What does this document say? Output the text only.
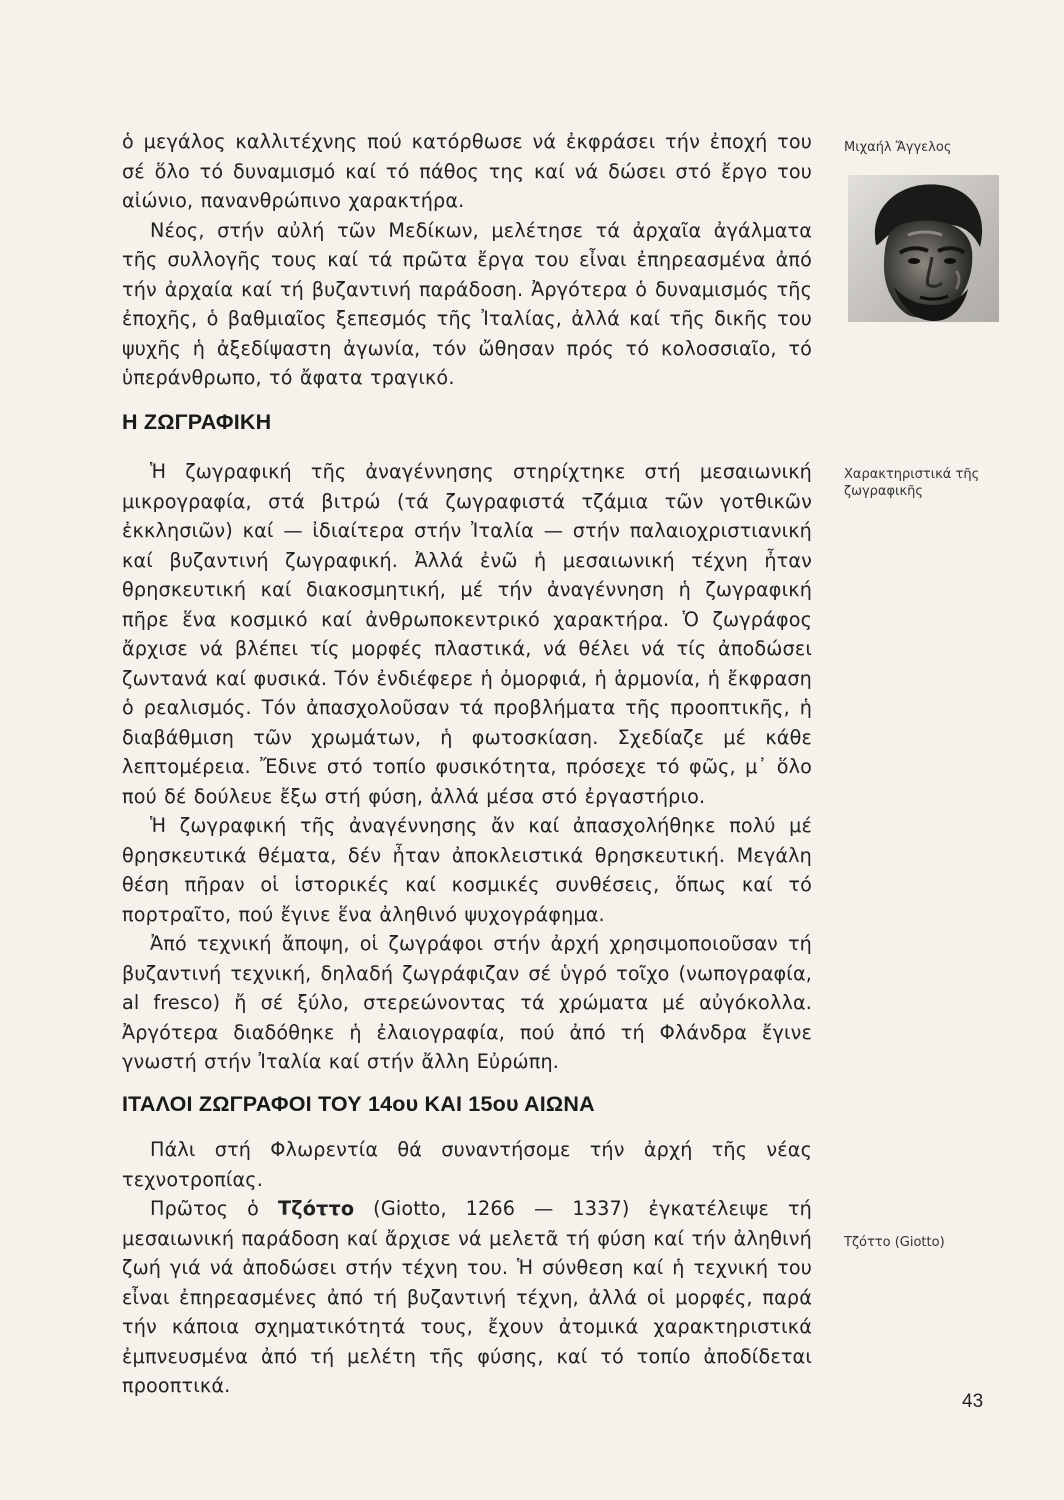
ὁ μεγάλος καλλιτέχνης πού κατόρθωσε νά ἐκφράσει τήν ἐποχή του σέ ὅλο τό δυναμισμό καί τό πάθος της καί νά δώσει στό ἔργο του αἰώνιο, πανανθρώπινο χαρακτήρα.

Νέος, στήν αὐλή τῶν Μεδίκων, μελέτησε τά ἀρχαῖα ἀγάλματα τῆς συλλογῆς τους καί τά πρῶτα ἔργα του εἶναι ἐπηρεασμένα ἀπό τήν ἀρχαία καί τή βυζαντινή παράδοση. Ἀργότερα ὁ δυναμισμός τῆς ἐποχῆς, ὁ βαθμιαῖος ξεπεσμός τῆς Ἰταλίας, ἀλλά καί τῆς δικῆς του ψυχῆς ἡ ἀξεδίψαστη ἀγωνία, τόν ὤθησαν πρός τό κολοσσιαῖο, τό ὑπεράνθρωπο, τό ἄφατα τραγικό.

Μιχαήλ Ἄγγελος

Η ΖΩΓΡΑΦΙΚΗ

Χαρακτηριστικά τῆς ζωγραφικῆς

Ἡ ζωγραφική τῆς ἀναγέννησης στηρίχτηκε στή μεσαιωνική μικρογραφία, στά βιτρώ (τά ζωγραφιστά τζάμια τῶν γοτθικῶν ἐκκλησιῶν) καί — ἰδιαίτερα στήν Ἰταλία — στήν παλαιοχριστιανική καί βυζαντινή ζωγραφική. Ἀλλά ἐνῶ ἡ μεσαιωνική τέχνη ἦταν θρησκευτική καί διακοσμητική, μέ τήν ἀναγέννηση ἡ ζωγραφική πῆρε ἕνα κοσμικό καί ἀνθρωποκεντρικό χαρακτήρα. Ὁ ζωγράφος ἄρχισε νά βλέπει τίς μορφές πλαστικά, νά θέλει νά τίς ἀποδώσει ζωντανά καί φυσικά. Τόν ἐνδιέφερε ἡ ὀμορφιά, ἡ ἁρμονία, ἡ ἔκφραση ὁ ρεαλισμός. Τόν ἀπασχολοῦσαν τά προβλήματα τῆς προοπτικῆς, ἡ διαβάθμιση τῶν χρωμάτων, ἡ φωτοσκίαση. Σχεδίαζε μέ κάθε λεπτομέρεια. Ἔδινε στό τοπίο φυσικότητα, πρόσεχε τό φῶς, μ᾽ ὅλο πού δέ δούλευε ἔξω στή φύση, ἀλλά μέσα στό ἐργαστήριο.

Ἡ ζωγραφική τῆς ἀναγέννησης ἄν καί ἀπασχολήθηκε πολύ μέ θρησκευτικά θέματα, δέν ἦταν ἀποκλειστικά θρησκευτική. Μεγάλη θέση πῆραν οἱ ἱστορικές καί κοσμικές συνθέσεις, ὅπως καί τό πορτραῖτο, πού ἔγινε ἕνα ἀληθινό ψυχογράφημα.

Ἀπό τεχνική ἄποψη, οἱ ζωγράφοι στήν ἀρχή χρησιμοποιοῦσαν τή βυζαντινή τεχνική, δηλαδή ζωγράφιζαν σέ ὑγρό τοῖχο (νωπογραφία, al fresco) ἤ σέ ξύλο, στερεώνοντας τά χρώματα μέ αὐγόκολλα. Ἀργότερα διαδόθηκε ἡ ἐλαιογραφία, πού ἀπό τή Φλάνδρα ἔγινε γνωστή στήν Ἰταλία καί στήν ἄλλη Εὐρώπη.

ΙΤΑΛΟΙ ΖΩΓΡΑΦΟΙ ΤΟΥ 14ου ΚΑΙ 15ου ΑΙΩΝΑ

Πάλι στή Φλωρεντία θά συναντήσομε τήν ἀρχή τῆς νέας τεχνοτροπίας.

Πρῶτος ὁ Τζόττο (Giotto, 1266 — 1337) ἐγκατέλειψε τή μεσαιωνική παράδοση καί ἄρχισε νά μελετᾶ τή φύση καί τήν ἀληθινή ζωή γιά νά ἀποδώσει στήν τέχνη του. Ἡ σύνθεση καί ἡ τεχνική του εἶναι ἐπηρεασμένες ἀπό τή βυζαντινή τέχνη, ἀλλά οἱ μορφές, παρά τήν κάποια σχηματικότητά τους, ἔχουν ἀτομικά χαρακτηριστικά ἐμπνευσμένα ἀπό τή μελέτη τῆς φύσης, καί τό τοπίο ἀποδίδεται προοπτικά.

Τζόττο (Giotto)

43
